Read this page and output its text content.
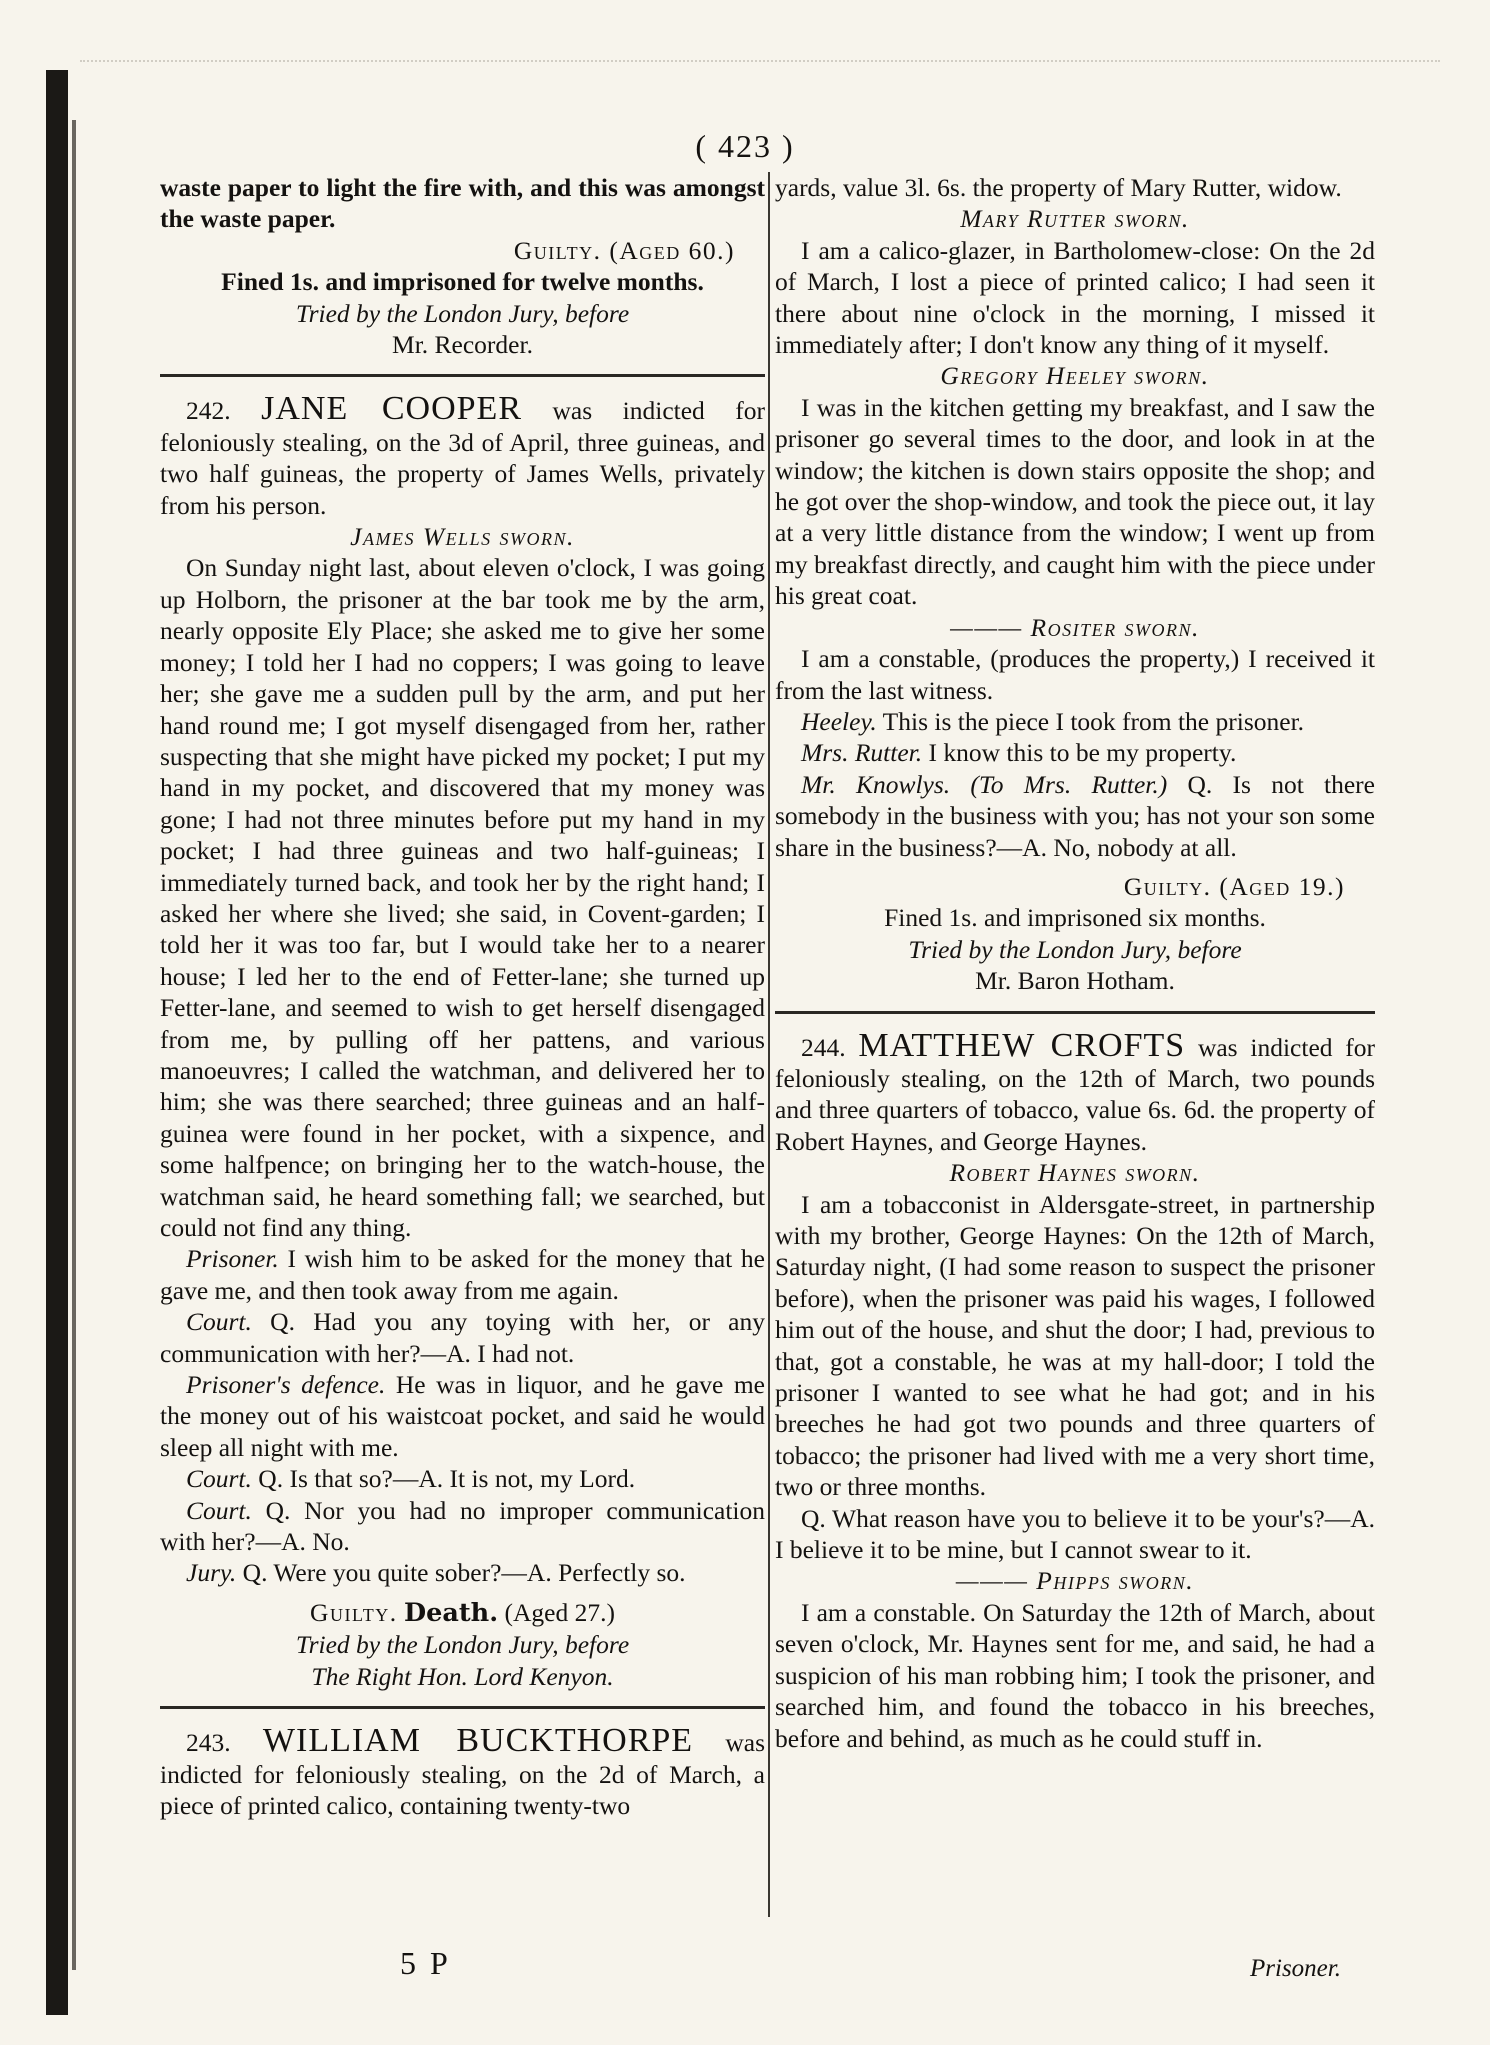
( 423 )

waste paper to light the fire with, and this was amongst the waste paper.

Guilty. (Aged 60.)

Fined 1s. and imprisoned for twelve months.

Tried by the London Jury, before

Mr. Recorder.

242. JANE COOPER was indicted for feloniously stealing, on the 3d of April, three guineas, and two half guineas, the property of James Wells, privately from his person.

James Wells sworn.

On Sunday night last, about eleven o'clock, I was going up Holborn, the prisoner at the bar took me by the arm, nearly opposite Ely Place; she asked me to give her some money; I told her I had no coppers; I was going to leave her; she gave me a sudden pull by the arm, and put her hand round me; I got myself disengaged from her, rather suspecting that she might have picked my pocket; I put my hand in my pocket, and discovered that my money was gone; I had not three minutes before put my hand in my pocket; I had three guineas and two half-guineas; I immediately turned back, and took her by the right hand; I asked her where she lived; she said, in Covent-garden; I told her it was too far, but I would take her to a nearer house; I led her to the end of Fetter-lane; she turned up Fetter-lane, and seemed to wish to get herself disengaged from me, by pulling off her pattens, and various manoeuvres; I called the watchman, and delivered her to him; she was there searched; three guineas and an half-guinea were found in her pocket, with a sixpence, and some halfpence; on bringing her to the watch-house, the watchman said, he heard something fall; we searched, but could not find any thing.

Prisoner. I wish him to be asked for the money that he gave me, and then took away from me again.

Court. Q. Had you any toying with her, or any communication with her?—A. I had not.

Prisoner's defence. He was in liquor, and he gave me the money out of his waistcoat pocket, and said he would sleep all night with me.

Court. Q. Is that so?—A. It is not, my Lord.

Court. Q. Nor you had no improper communication with her?—A. No.

Jury. Q. Were you quite sober?—A. Perfectly so.

Guilty. Death. (Aged 27.)

Tried by the London Jury, before

The Right Hon. Lord Kenyon.

243. WILLIAM BUCKTHORPE was indicted for feloniously stealing, on the 2d of March, a piece of printed calico, containing twenty-two

yards, value 3l. 6s. the property of Mary Rutter, widow.

Mary Rutter sworn.

I am a calico-glazer, in Bartholomew-close: On the 2d of March, I lost a piece of printed calico; I had seen it there about nine o'clock in the morning, I missed it immediately after; I don't know any thing of it myself.

Gregory Heeley sworn.

I was in the kitchen getting my breakfast, and I saw the prisoner go several times to the door, and look in at the window; the kitchen is down stairs opposite the shop; and he got over the shop-window, and took the piece out, it lay at a very little distance from the window; I went up from my breakfast directly, and caught him with the piece under his great coat.

——— Rositer sworn.

I am a constable, (produces the property,) I received it from the last witness.

Heeley. This is the piece I took from the prisoner.

Mrs. Rutter. I know this to be my property.

Mr. Knowlys. (To Mrs. Rutter.) Q. Is not there somebody in the business with you; has not your son some share in the business?—A. No, nobody at all.

Guilty. (Aged 19.)

Fined 1s. and imprisoned six months.

Tried by the London Jury, before

Mr. Baron Hotham.

244. MATTHEW CROFTS was indicted for feloniously stealing, on the 12th of March, two pounds and three quarters of tobacco, value 6s. 6d. the property of Robert Haynes, and George Haynes.

Robert Haynes sworn.

I am a tobacconist in Aldersgate-street, in partnership with my brother, George Haynes: On the 12th of March, Saturday night, (I had some reason to suspect the prisoner before), when the prisoner was paid his wages, I followed him out of the house, and shut the door; I had, previous to that, got a constable, he was at my hall-door; I told the prisoner I wanted to see what he had got; and in his breeches he had got two pounds and three quarters of tobacco; the prisoner had lived with me a very short time, two or three months.

Q. What reason have you to believe it to be your's?—A. I believe it to be mine, but I cannot swear to it.

——— Phipps sworn.

I am a constable. On Saturday the 12th of March, about seven o'clock, Mr. Haynes sent for me, and said, he had a suspicion of his man robbing him; I took the prisoner, and searched him, and found the tobacco in his breeches, before and behind, as much as he could stuff in.

5 P	Prisoner.
